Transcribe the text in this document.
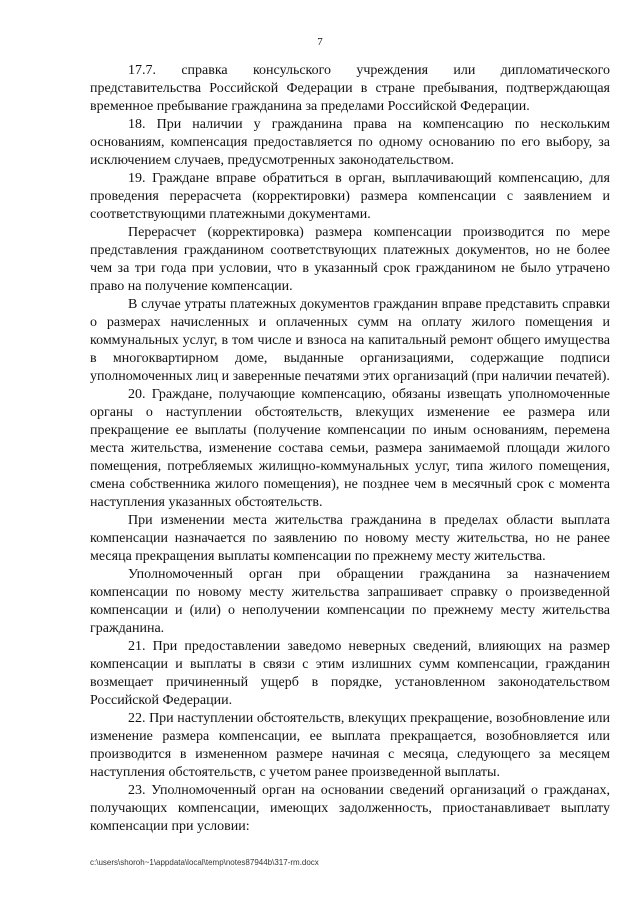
7

17.7. справка консульского учреждения или дипломатического представительства Российской Федерации в стране пребывания, подтверждающая временное пребывание гражданина за пределами Российской Федерации.

18. При наличии у гражданина права на компенсацию по нескольким основаниям, компенсация предоставляется по одному основанию по его выбору, за исключением случаев, предусмотренных законодательством.

19. Граждане вправе обратиться в орган, выплачивающий компенсацию, для проведения перерасчета (корректировки) размера компенсации с заявлением и соответствующими платежными документами.

Перерасчет (корректировка) размера компенсации производится по мере представления гражданином соответствующих платежных документов, но не более чем за три года при условии, что в указанный срок гражданином не было утрачено право на получение компенсации.

В случае утраты платежных документов гражданин вправе представить справки о размерах начисленных и оплаченных сумм на оплату жилого помещения и коммунальных услуг, в том числе и взноса на капитальный ремонт общего имущества в многоквартирном доме, выданные организациями, содержащие подписи уполномоченных лиц и заверенные печатями этих организаций (при наличии печатей).

20. Граждане, получающие компенсацию, обязаны извещать уполномоченные органы о наступлении обстоятельств, влекущих изменение ее размера или прекращение ее выплаты (получение компенсации по иным основаниям, перемена места жительства, изменение состава семьи, размера занимаемой площади жилого помещения, потребляемых жилищно-коммунальных услуг, типа жилого помещения, смена собственника жилого помещения), не позднее чем в месячный срок с момента наступления указанных обстоятельств.

При изменении места жительства гражданина в пределах области выплата компенсации назначается по заявлению по новому месту жительства, но не ранее месяца прекращения выплаты компенсации по прежнему месту жительства.

Уполномоченный орган при обращении гражданина за назначением компенсации по новому месту жительства запрашивает справку о произведенной компенсации и (или) о неполучении компенсации по прежнему месту жительства гражданина.

21. При предоставлении заведомо неверных сведений, влияющих на размер компенсации и выплаты в связи с этим излишних сумм компенсации, гражданин возмещает причиненный ущерб в порядке, установленном законодательством Российской Федерации.

22. При наступлении обстоятельств, влекущих прекращение, возобновление или изменение размера компенсации, ее выплата прекращается, возобновляется или производится в измененном размере начиная с месяца, следующего за месяцем наступления обстоятельств, с учетом ранее произведенной выплаты.

23. Уполномоченный орган на основании сведений организаций о гражданах, получающих компенсации, имеющих задолженность, приостанавливает выплату компенсации при условии:

c:\users\shoroh~1\appdata\local\temp\notes87944b\317-rm.docx
